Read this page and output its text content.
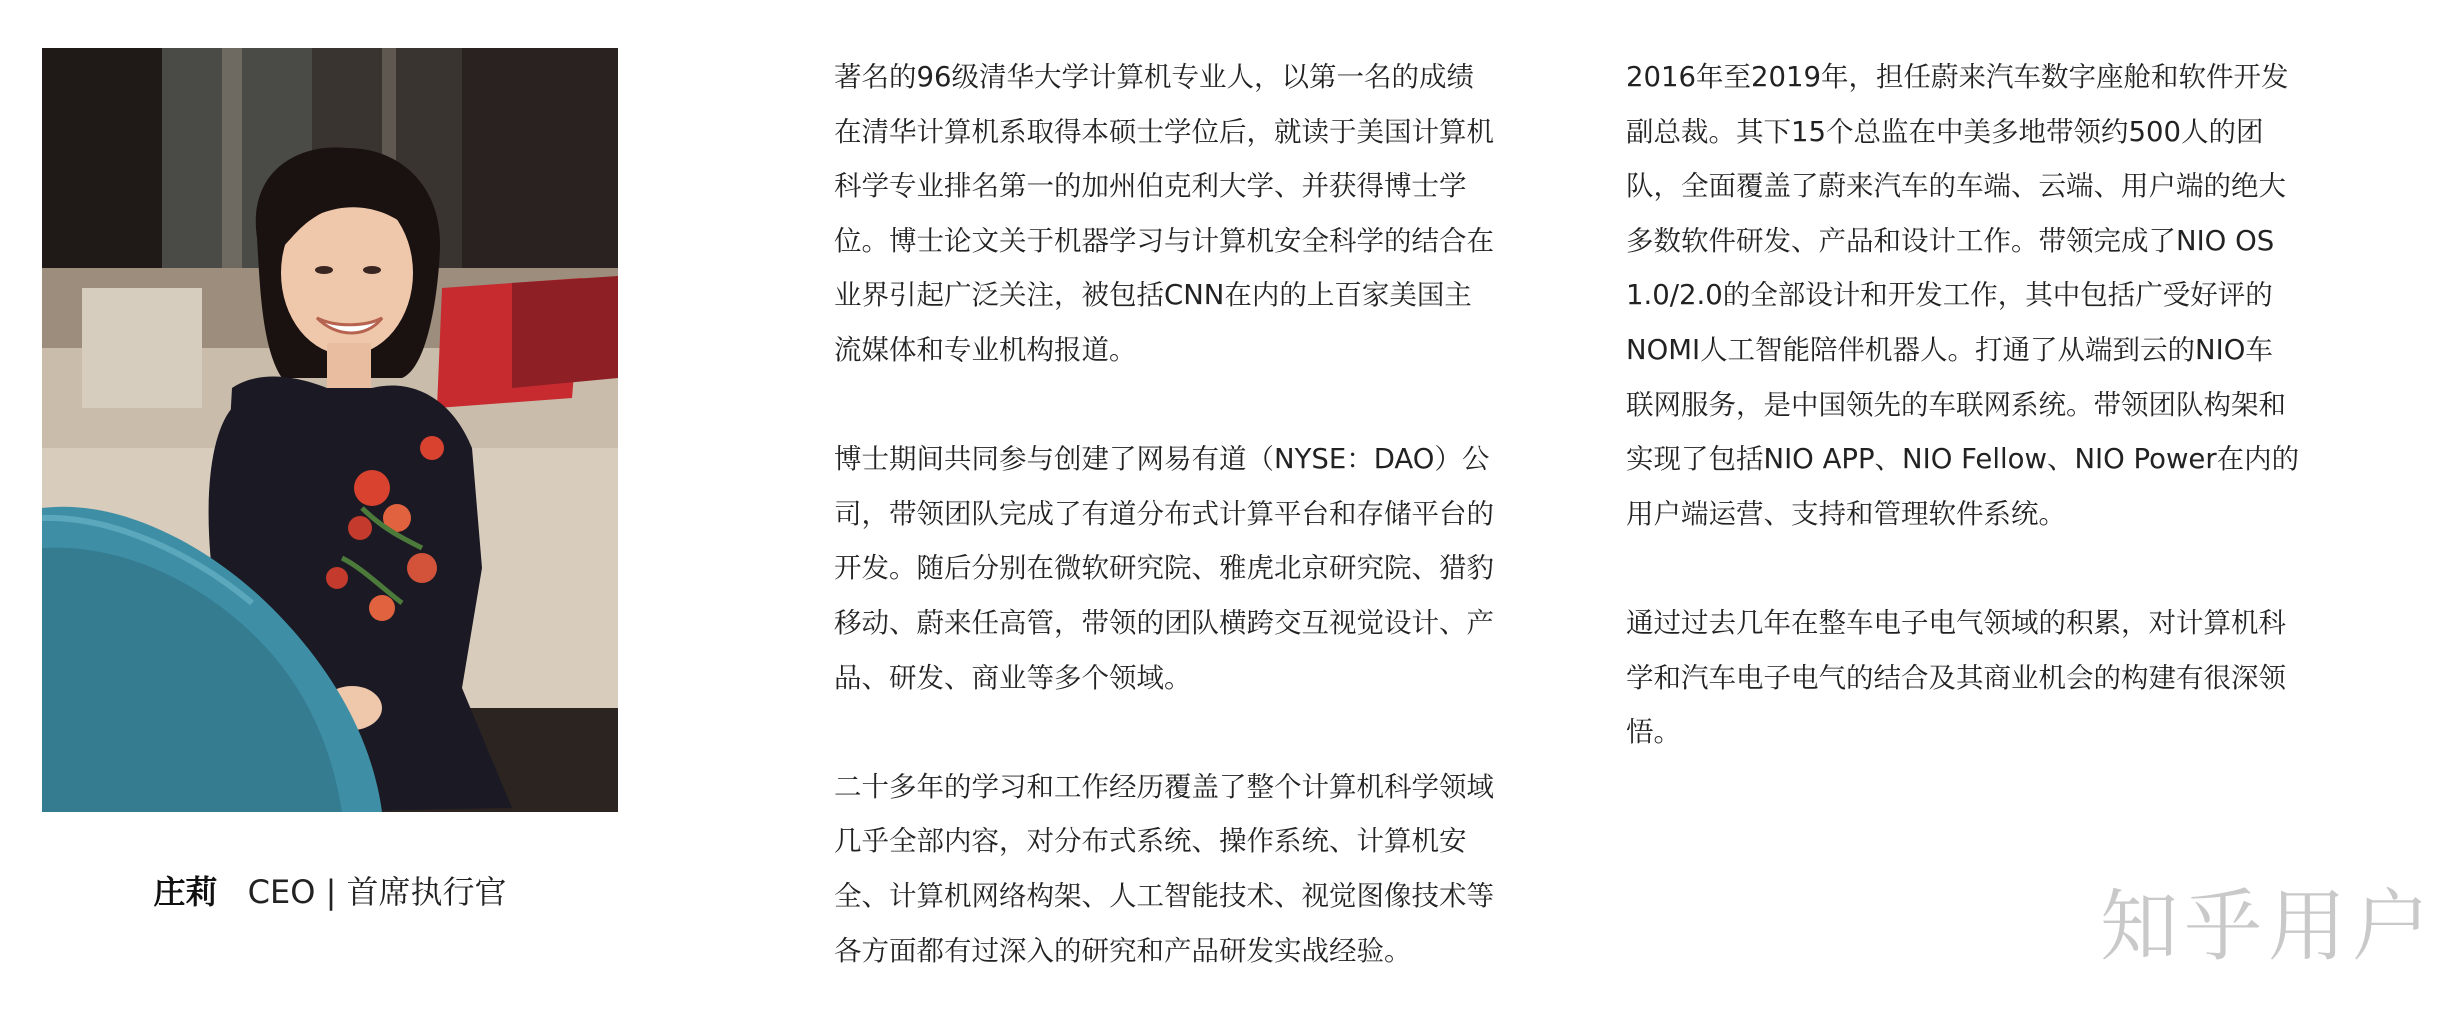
庄莉 CEO | 首席执行官

著名的96级清华大学计算机专业人，以第一名的成绩
在清华计算机系取得本硕士学位后，就读于美国计算机
科学专业排名第一的加州伯克利大学、并获得博士学
位。博士论文关于机器学习与计算机安全科学的结合在
业界引起广泛关注，被包括CNN在内的上百家美国主
流媒体和专业机构报道。

博士期间共同参与创建了网易有道（NYSE：DAO）公
司，带领团队完成了有道分布式计算平台和存储平台的
开发。随后分别在微软研究院、雅虎北京研究院、猎豹
移动、蔚来任高管，带领的团队横跨交互视觉设计、产
品、研发、商业等多个领域。

二十多年的学习和工作经历覆盖了整个计算机科学领域
几乎全部内容，对分布式系统、操作系统、计算机安
全、计算机网络构架、人工智能技术、视觉图像技术等
各方面都有过深入的研究和产品研发实战经验。

2016年至2019年，担任蔚来汽车数字座舱和软件开发
副总裁。其下15个总监在中美多地带领约500人的团
队，全面覆盖了蔚来汽车的车端、云端、用户端的绝大
多数软件研发、产品和设计工作。带领完成了NIO OS
1.0/2.0的全部设计和开发工作，其中包括广受好评的
NOMI人工智能陪伴机器人。打通了从端到云的NIO车
联网服务，是中国领先的车联网系统。带领团队构架和
实现了包括NIO APP、NIO Fellow、NIO Power在内的
用户端运营、支持和管理软件系统。

通过过去几年在整车电子电气领域的积累，对计算机科
学和汽车电子电气的结合及其商业机会的构建有很深领
悟。

知乎用户
